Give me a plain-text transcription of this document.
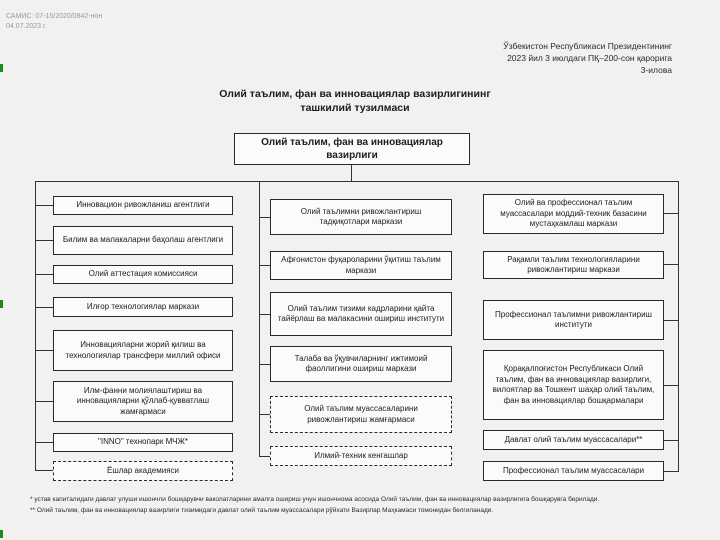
САМИС: 07-15/2020/0842-нон
04.07.2023 г.
Ўзбекистон Республикаси Президентининг
2023 йил 3 июлдаги ПҚ–200-сон қарорига
3-илова
Олий таълим, фан ва инновациялар вазирлигининг
ташкилий тузилмаси
Олий таълим, фан ва инновациялар
вазирлиги
Инновацион ривожланиш агентлиги
Билим ва малакаларни баҳолаш агентлиги
Олий аттестация комиссияси
Илғор технологиялар маркази
Инновацияларни жорий қилиш ва технологиялар трансфери миллий офиси
Илм-фанни молиялаштириш ва инновацияларни қўллаб-қувватлаш жамғармаси
"INNO" технопарк МЧЖ*
Ёшлар академияси
Олий таълимни ривожлантириш тадқиқотлари маркази
Афғонистон фуқароларини ўқитиш таълим маркази
Олий таълим тизими кадрларини қайта тайёрлаш ва малакасини ошириш институти
Талаба ва ўқувчиларнинг ижтимоий фаоллигини ошириш маркази
Олий таълим муассасаларини ривожлантириш жамғармаси
Илмий-техник кенгашлар
Олий ва профессионал таълим муассасалари моддий-техник базасини мустаҳкамлаш маркази
Рақамли таълим технологияларини ривожлантириш маркази
Профессионал таълимни ривожлантириш институти
Қорақалпоғистон Республикаси Олий таълим, фан ва инновациялар вазирлиги, вилоятлар ва Тошкент шаҳар олий таълим, фан ва инновациялар бошқармалари
Давлат олий таълим муассасалари**
Профессионал таълим муассасалари
* устав капиталидаги давлат улуши ишончли бошқарувчи ваколатларини амалга ошириш учун ишончнома асосида Олий таълим, фан ва инновациялар вазирлигига бошқарувга берилади.
** Олий таълим, фан ва инновациялар вазирлиги тизимидаги давлат олий таълим муассасалари рўйхати Вазирлар Маҳкамаси томонидан белгиланади.
